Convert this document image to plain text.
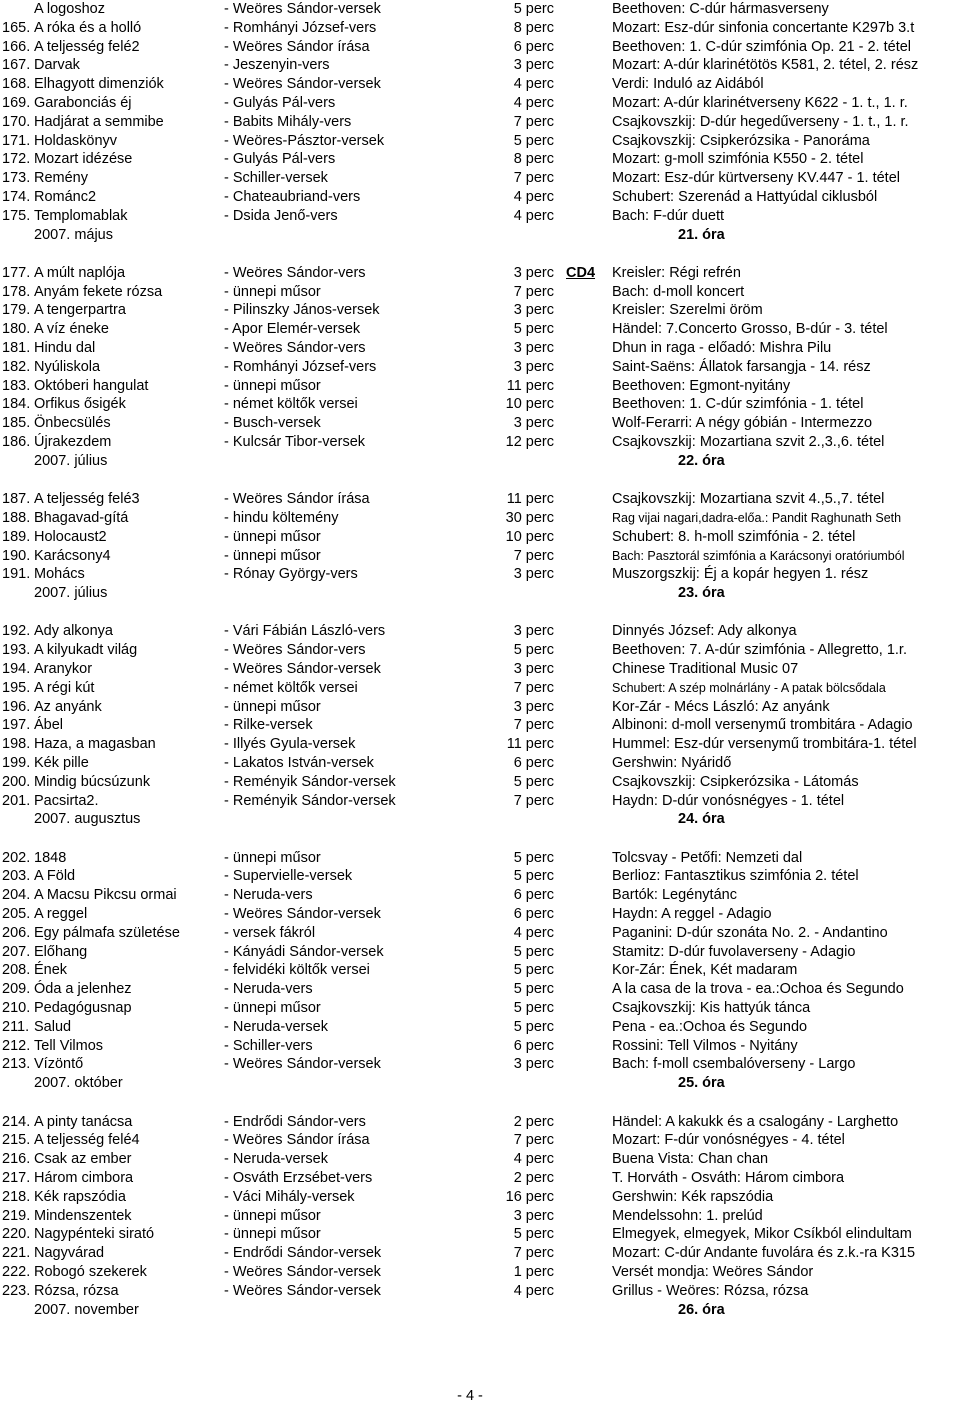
A logoshoz	- Weöres Sándor-versek	5 perc	Beethoven: C-dúr hármasverseny
165. A róka és a holló	- Romhányi József-vers	8 perc	Mozart: Esz-dúr sinfonia concertante K297b 3.t
166. A teljesség felé2	- Weöres Sándor írása	6 perc	Beethoven: 1. C-dúr szimfónia Op. 21 - 2. tétel
167. Darvak	- Jeszenyin-vers	3 perc	Mozart: A-dúr klarinétötös K581, 2. tétel, 2. rész
168. Elhagyott dimenziók	- Weöres Sándor-versek	4 perc	Verdi: Induló az Aidából
169. Garabonciás éj	- Gulyás Pál-vers	4 perc	Mozart: A-dúr klarinétverseny K622 - 1. t., 1. r.
170. Hadjárat a semmibe	- Babits Mihály-vers	7 perc	Csajkovszkij: D-dúr hegedűverseny - 1. t., 1. r.
171. Holdaskönyv	- Weöres-Pásztor-versek	5 perc	Csajkovszkij: Csipkerózsika - Panoráma
172. Mozart idézése	- Gulyás Pál-vers	8 perc	Mozart: g-moll szimfónia K550 - 2. tétel
173. Remény	- Schiller-versek	7 perc	Mozart: Esz-dúr kürtverseny KV.447 - 1. tétel
174. Románc2	- Chateaubriand-vers	4 perc	Schubert: Szerenád a Hattyúdal ciklusból
175. Templomablak	- Dsida Jenő-vers	4 perc	Bach: F-dúr duett
2007. május	21. óra
177. A múlt naplója	- Weöres Sándor-vers	3 perc CD4 Kreisler: Régi refrén
178. Anyám fekete rózsa	- ünnepi műsor	7 perc	Bach: d-moll koncert
179. A tengerpartra	- Pilinszky János-versek	3 perc	Kreisler: Szerelmi öröm
180. A víz éneke	- Apor Elemér-versek	5 perc	Händel: 7.Concerto Grosso, B-dúr - 3. tétel
181. Hindu dal	- Weöres Sándor-vers	3 perc	Dhun in raga - előadó: Mishra Pilu
182. Nyúliskola	- Romhányi József-vers	3 perc	Saint-Saëns: Állatok farsangja - 14. rész
183. Októberi hangulat	- ünnepi műsor	11 perc	Beethoven: Egmont-nyitány
184. Orfikus ősigék	- német költők versei	10 perc	Beethoven: 1. C-dúr szimfónia - 1. tétel
185. Önbecsülés	- Busch-versek	3 perc	Wolf-Ferarri: A négy góbián - Intermezzo
186. Újrakezdem	- Kulcsár Tibor-versek	12 perc	Csajkovszkij: Mozartiana szvit 2.,3.,6. tétel
2007. július	22. óra
187. A teljesség felé3	- Weöres Sándor írása	11 perc	Csajkovszkij: Mozartiana szvit 4.,5.,7. tétel
188. Bhagavad-gítá	- hindu költemény	30 perc	Rag vijai nagari,dadra-előa.: Pandit Raghunath Seth
189. Holocaust2	- ünnepi műsor	10 perc	Schubert: 8. h-moll szimfónia - 2. tétel
190. Karácsony4	- ünnepi műsor	7 perc	Bach: Pasztorál szimfónia a Karácsonyi oratóriumból
191. Mohács	- Rónay György-vers	3 perc	Muszorgszkij: Éj a kopár hegyen 1. rész
2007. július	23. óra
192. Ady alkonya	- Vári Fábián László-vers	3 perc	Dinnyés József: Ady alkonya
193. A kilyukadt világ	- Weöres Sándor-vers	5 perc	Beethoven: 7. A-dúr szimfónia - Allegretto, 1.r.
194. Aranykor	- Weöres Sándor-versek	3 perc	Chinese Traditional Music 07
195. A régi kút	- német költők versei	7 perc	Schubert: A szép molnárlány - A patak bölcsődala
196. Az anyánk	- ünnepi műsor	3 perc	Kor-Zár - Mécs László: Az anyánk
197. Ábel	- Rilke-versek	7 perc	Albinoni: d-moll versenymű trombitára - Adagio
198. Haza, a magasban	- Illyés Gyula-versek	11 perc	Hummel: Esz-dúr versenymű trombitára-1. tétel
199. Kék pille	- Lakatos István-versek	6 perc	Gershwin: Nyáridő
200. Mindig búcsúzunk	- Reményik Sándor-versek	5 perc	Csajkovszkij: Csipkerózsika - Látomás
201. Pacsirta2.	- Reményik Sándor-versek	7 perc	Haydn: D-dúr vonósnégyes - 1. tétel
2007. augusztus	24. óra
202. 1848	- ünnepi műsor	5 perc	Tolcsvay - Petőfi: Nemzeti dal
203. A Föld	- Supervielle-versek	5 perc	Berlioz: Fantasztikus szimfónia 2. tétel
204. A Macsu Pikcsu ormai	- Neruda-vers	6 perc	Bartók: Legénytánc
205. A reggel	- Weöres Sándor-versek	6 perc	Haydn: A reggel - Adagio
206. Egy pálmafa születése	- versek fákról	4 perc	Paganini: D-dúr szonáta No. 2. - Andantino
207. Előhang	- Kányádi Sándor-versek	5 perc	Stamitz: D-dúr fuvolaverseny - Adagio
208. Ének	- felvidéki költők versei	5 perc	Kor-Zár: Ének, Két madaram
209. Óda a jelenhez	- Neruda-vers	5 perc	A la casa de la trova - ea.:Ochoa és Segundo
210. Pedagógusnap	- ünnepi műsor	5 perc	Csajkovszkij: Kis hattyúk tánca
211. Salud	- Neruda-versek	5 perc	Pena - ea.:Ochoa és Segundo
212. Tell Vilmos	- Schiller-vers	6 perc	Rossini: Tell Vilmos - Nyitány
213. Vízöntő	- Weöres Sándor-versek	3 perc	Bach: f-moll csembalóverseny - Largo
2007. október	25. óra
214. A pinty tanácsa	- Endrődi Sándor-vers	2 perc	Händel: A kakukk és a csalogány - Larghetto
215. A teljesség felé4	- Weöres Sándor írása	7 perc	Mozart: F-dúr vonósnégyes - 4. tétel
216. Csak az ember	- Neruda-versek	4 perc	Buena Vista: Chan chan
217. Három cimbora	- Osváth Erzsébet-vers	2 perc	T. Horváth - Osváth: Három cimbora
218. Kék rapszódia	- Váci Mihály-versek	16 perc	Gershwin: Kék rapszódia
219. Mindenszentek	- ünnepi műsor	3 perc	Mendelssohn: 1. prelúd
220. Nagypénteki sirató	- ünnepi műsor	5 perc	Elmegyek, elmegyek, Mikor Csíkból elindultam
221. Nagyvárad	- Endrődi Sándor-versek	7 perc	Mozart: C-dúr Andante fuvolára és z.k.-ra K315
222. Robogó szekerek	- Weöres Sándor-versek	1 perc	Versét mondja: Weöres Sándor
223. Rózsa, rózsa	- Weöres Sándor-versek	4 perc	Grillus - Weöres: Rózsa, rózsa
2007. november	26. óra
- 4 -
